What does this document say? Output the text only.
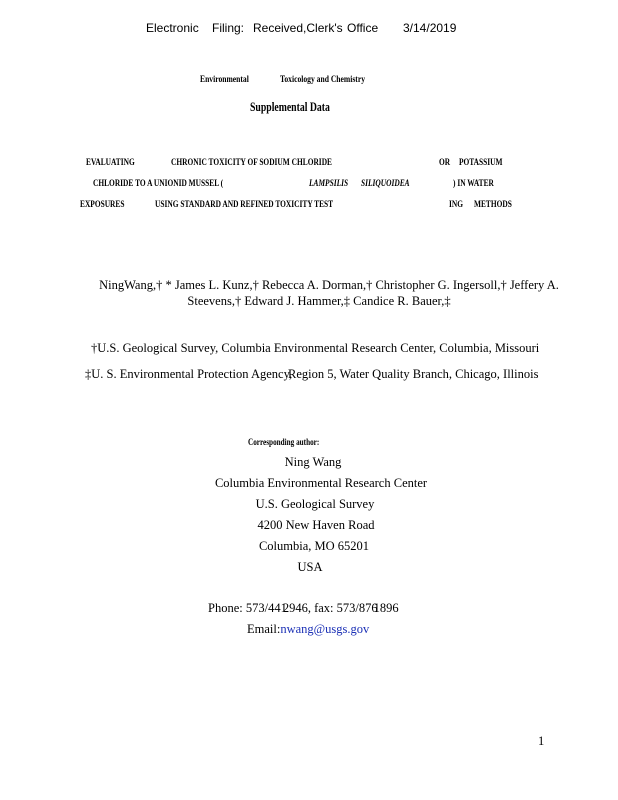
Electronic Filing: Received,Clerk's Office 3/14/2019
Environmental	Toxicology and Chemistry
Supplemental Data
EVALUATING	CHRONIC TOXICITY OF SODIUM CHLORIDE	OR POTASSIUM
CHLORIDE TO A UNIONID MUSSEL (	LAMPSILIS SILIQUOIDEA	) IN WATER
EXPOSURES	USING STANDARD AND REFINED TOXICITY TEST	ING METHODS
NingWang,† * James L. Kunz,† Rebecca A. Dorman,† Christopher G. Ingersoll,† Jeffery A.
Steevens,† Edward J. Hammer,‡ Candice R. Bauer,‡
†U.S. Geological Survey, Columbia Environmental Research Center, Columbia, Missouri
‡U. S. Environmental Protection Agency,
Region 5, Water Quality Branch, Chicago, Illinois
Corresponding author:
Ning Wang
Columbia Environmental Research Center
U.S. Geological Survey
4200 New Haven Road
Columbia, MO 65201
USA
Phone: 573/4412946, fax: 573/8761896
Email:nwang@usgs.gov
1
